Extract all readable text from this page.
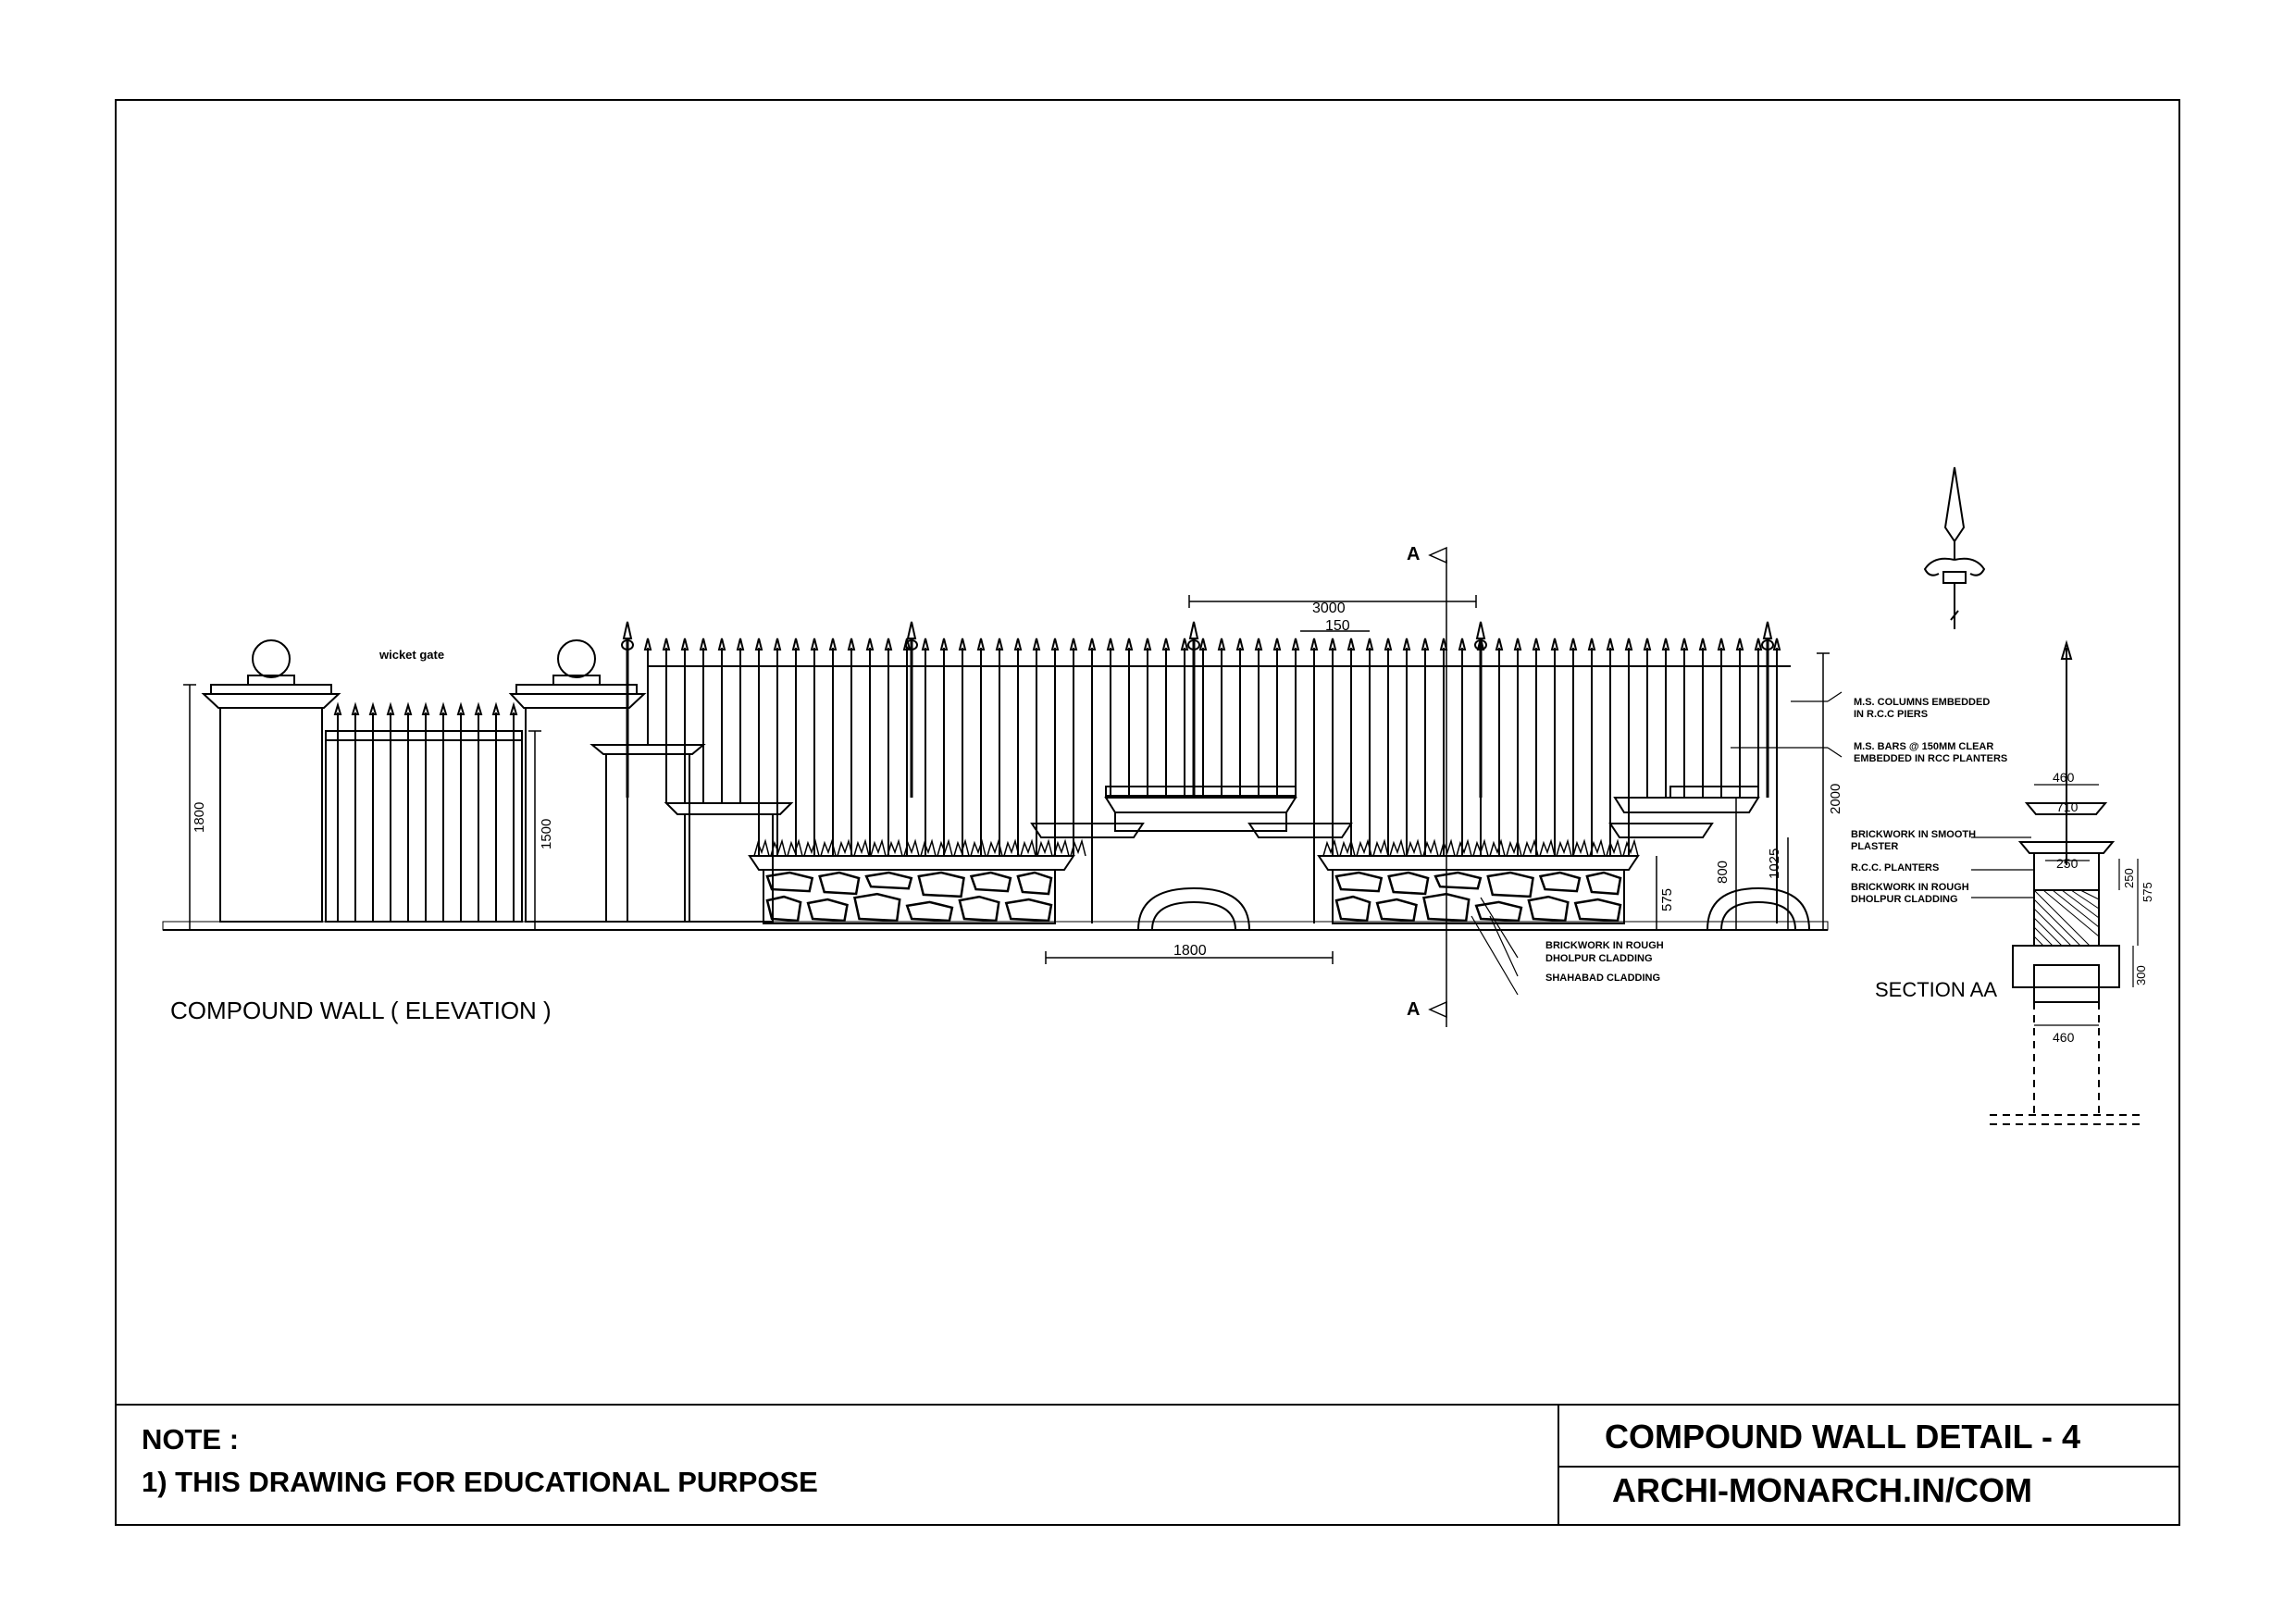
NOTE :
1) THIS DRAWING FOR EDUCATIONAL PURPOSE
COMPOUND WALL DETAIL - 4
ARCHI-MONARCH.IN/COM
1800
1500
3000
150
1800
575
800	1025
2000
A
A
M.S. COLUMNS EMBEDDED
IN R.C.C PIERS
M.S. BARS @ 150MM CLEAR
EMBEDDED IN RCC PLANTERS
BRICKWORK IN ROUGH
DHOLPUR CLADDING
SHAHABAD CLADDING
wicket gate
COMPOUND WALL ( ELEVATION )
460
710
250
250
575
300
460
BRICKWORK IN SMOOTH
PLASTER
R.C.C. PLANTERS
BRICKWORK IN ROUGH
DHOLPUR CLADDING
SECTION AA
